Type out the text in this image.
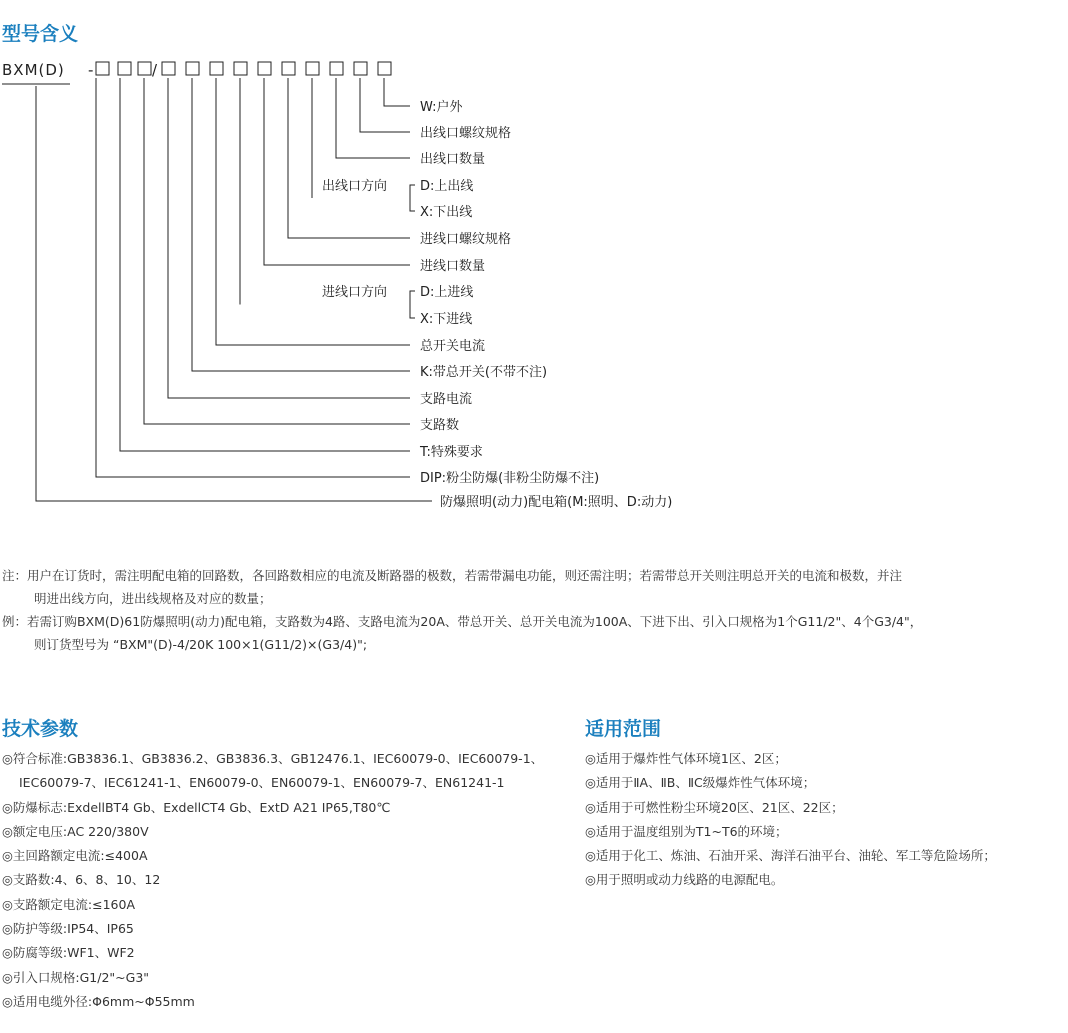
型号含义
BXM(D) -	/
W:户外
出线口螺纹规格
出线口数量
D:上出线
X:下出线
进线口螺纹规格
进线口数量
D:上进线
X:下进线
总开关电流
K:带总开关(不带不注)
支路电流
支路数
T:特殊要求
DIP:粉尘防爆(非粉尘防爆不注)
防爆照明(动力)配电箱(M:照明、D:动力)
出线口方向
进线口方向
注：用户在订货时，需注明配电箱的回路数，各回路数相应的电流及断路器的极数，若需带漏电功能，则还需注明；若需带总开关则注明总开关的电流和极数，并注
明进出线方向，进出线规格及对应的数量；
例：若需订购BXM(D)61防爆照明(动力)配电箱，支路数为4路、支路电流为20A、带总开关、总开关电流为100A、下进下出、引入口规格为1个G11/2"、4个G3/4"，
则订货型号为 “BXM"(D)-4/20K 100×1(G11/2)×(G3/4)";
技术参数
◎符合标准:GB3836.1、GB3836.2、GB3836.3、GB12476.1、IEC60079-0、IEC60079-1、
IEC60079-7、IEC61241-1、EN60079-0、EN60079-1、EN60079-7、EN61241-1
◎防爆标志:ExdellBT4 Gb、ExdellCT4 Gb、ExtD A21 IP65,T80℃
◎额定电压:AC 220/380V
◎主回路额定电流:≤400A
◎支路数:4、6、8、10、12
◎支路额定电流:≤160A
◎防护等级:IP54、IP65
◎防腐等级:WF1、WF2
◎引入口规格:G1/2"~G3"
◎适用电缆外径:Φ6mm~Φ55mm
适用范围
◎适用于爆炸性气体环境1区、2区；
◎适用于ⅡA、ⅡB、ⅡC级爆炸性气体环境；
◎适用于可燃性粉尘环境20区、21区、22区；
◎适用于温度组别为T1~T6的环境；
◎适用于化工、炼油、石油开采、海洋石油平台、油轮、军工等危险场所；
◎用于照明或动力线路的电源配电。
